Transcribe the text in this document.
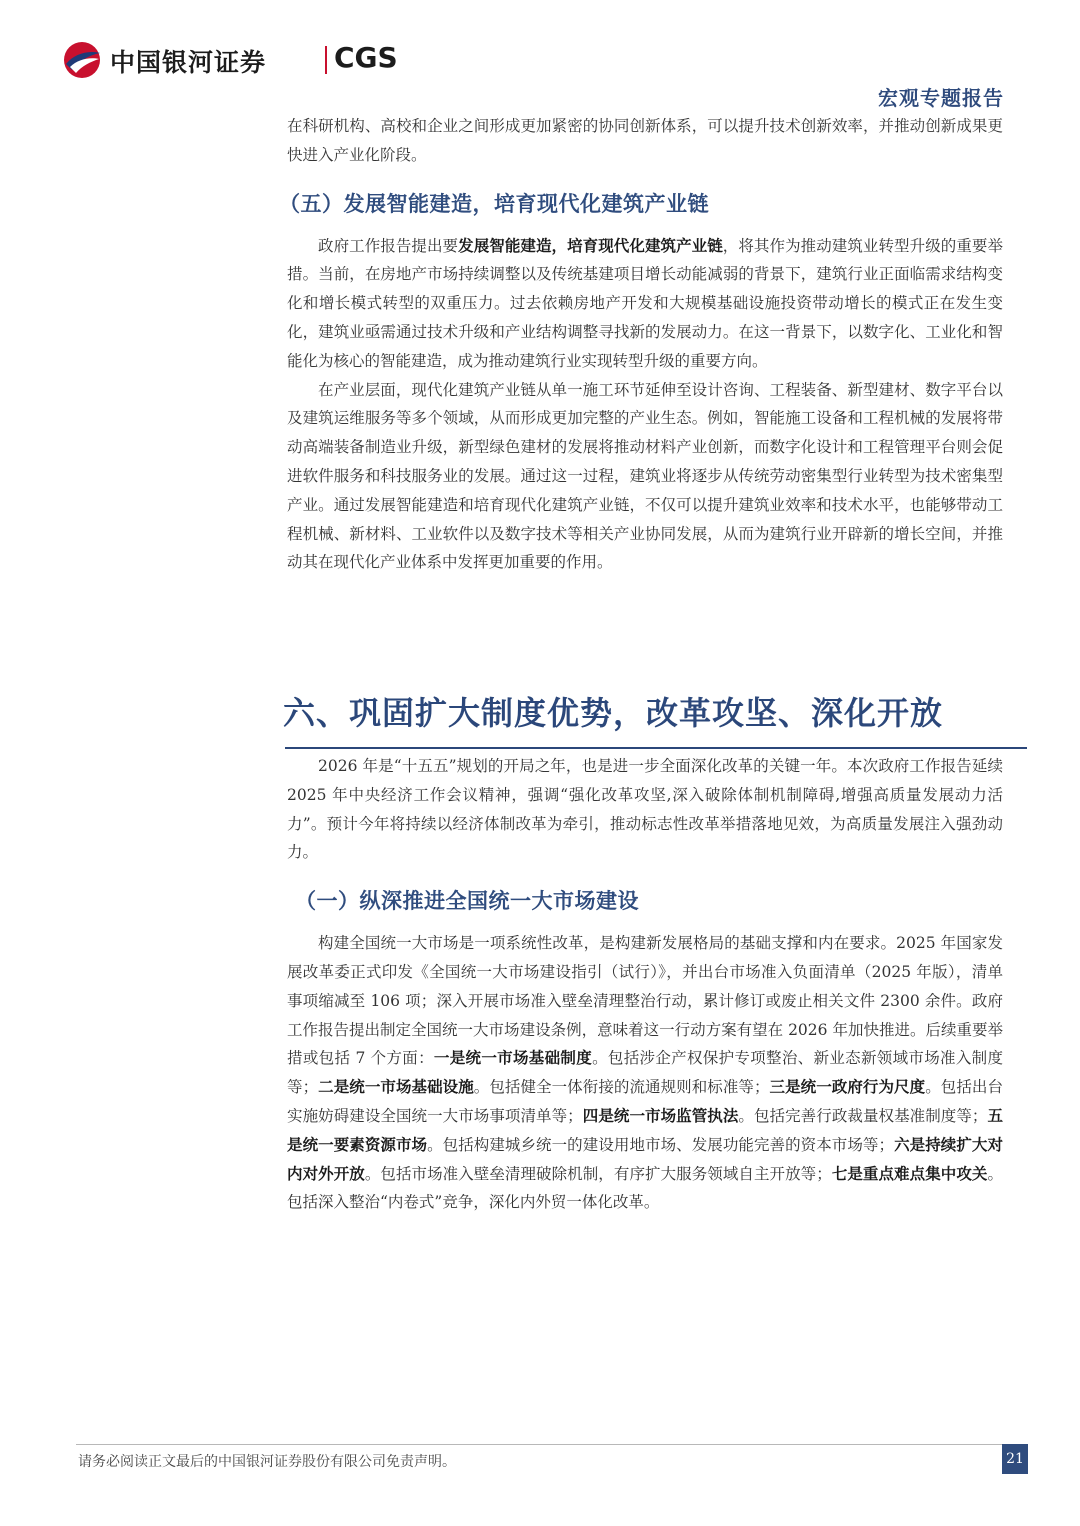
中国银河证券 CGS
宏观专题报告

在科研机构、高校和企业之间形成更加紧密的协同创新体系，可以提升技术创新效率，并推动创新成果更快进入产业化阶段。

（五）发展智能建造，培育现代化建筑产业链

政府工作报告提出要发展智能建造，培育现代化建筑产业链，将其作为推动建筑业转型升级的重要举措。当前，在房地产市场持续调整以及传统基建项目增长动能减弱的背景下，建筑行业正面临需求结构变化和增长模式转型的双重压力。过去依赖房地产开发和大规模基础设施投资带动增长的模式正在发生变化，建筑业亟需通过技术升级和产业结构调整寻找新的发展动力。在这一背景下，以数字化、工业化和智能化为核心的智能建造，成为推动建筑行业实现转型升级的重要方向。

在产业层面，现代化建筑产业链从单一施工环节延伸至设计咨询、工程装备、新型建材、数字平台以及建筑运维服务等多个领域，从而形成更加完整的产业生态。例如，智能施工设备和工程机械的发展将带动高端装备制造业升级，新型绿色建材的发展将推动材料产业创新，而数字化设计和工程管理平台则会促进软件服务和科技服务业的发展。通过这一过程，建筑业将逐步从传统劳动密集型行业转型为技术密集型产业。通过发展智能建造和培育现代化建筑产业链，不仅可以提升建筑业效率和技术水平，也能够带动工程机械、新材料、工业软件以及数字技术等相关产业协同发展，从而为建筑行业开辟新的增长空间，并推动其在现代化产业体系中发挥更加重要的作用。

六、巩固扩大制度优势，改革攻坚、深化开放

2026 年是“十五五”规划的开局之年，也是进一步全面深化改革的关键一年。本次政府工作报告延续 2025 年中央经济工作会议精神，强调“强化改革攻坚,深入破除体制机制障碍,增强高质量发展动力活力”。预计今年将持续以经济体制改革为牵引，推动标志性改革举措落地见效，为高质量发展注入强劲动力。

（一）纵深推进全国统一大市场建设

构建全国统一大市场是一项系统性改革，是构建新发展格局的基础支撑和内在要求。2025 年国家发展改革委正式印发《全国统一大市场建设指引（试行）》，并出台市场准入负面清单（2025 年版），清单事项缩减至 106 项；深入开展市场准入壁垒清理整治行动，累计修订或废止相关文件 2300 余件。政府工作报告提出制定全国统一大市场建设条例，意味着这一行动方案有望在 2026 年加快推进。后续重要举措或包括 7 个方面：一是统一市场基础制度。包括涉企产权保护专项整治、新业态新领域市场准入制度等；二是统一市场基础设施。包括健全一体衔接的流通规则和标准等；三是统一政府行为尺度。包括出台实施妨碍建设全国统一大市场事项清单等；四是统一市场监管执法。包括完善行政裁量权基准制度等；五是统一要素资源市场。包括构建城乡统一的建设用地市场、发展功能完善的资本市场等；六是持续扩大对内对外开放。包括市场准入壁垒清理破除机制，有序扩大服务领域自主开放等；七是重点难点集中攻关。包括深入整治“内卷式”竞争，深化内外贸一体化改革。

请务必阅读正文最后的中国银河证券股份有限公司免责声明。	21
